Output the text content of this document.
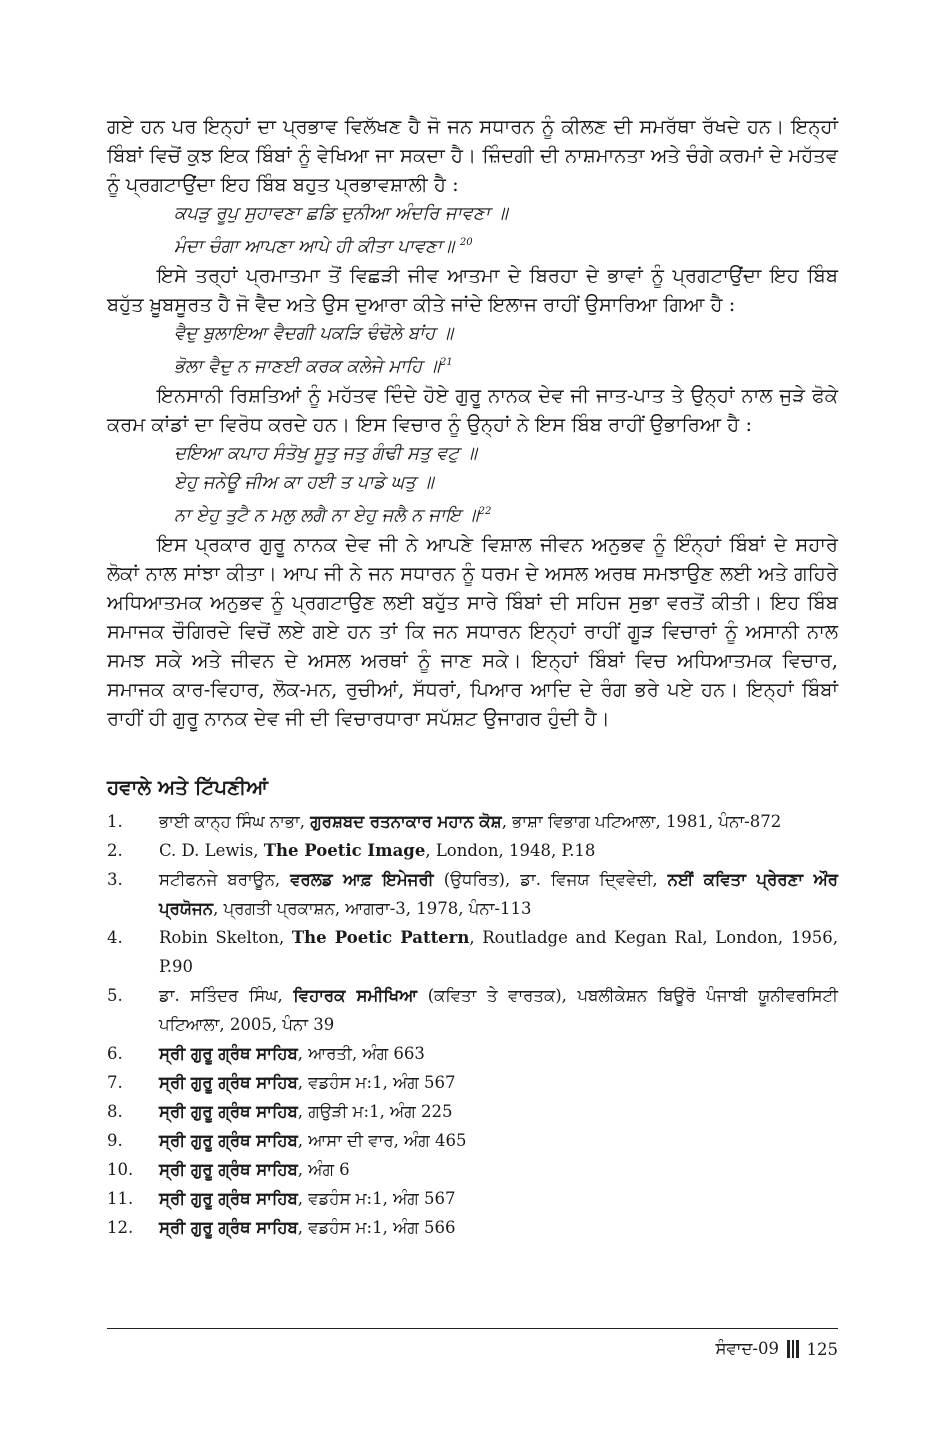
ਗਏ ਹਨ ਪਰ ਇਨ੍ਹਾਂ ਦਾ ਪ੍ਰਭਾਵ ਵਿਲੱਖਣ ਹੈ ਜੋ ਜਨ ਸਧਾਰਨ ਨੂੰ ਕੀਲਣ ਦੀ ਸਮਰੱਥਾ ਰੱਖਦੇ ਹਨ। ਇਨ੍ਹਾਂ ਬਿੰਬਾਂ ਵਿਚੋਂ ਕੁਝ ਇਕ ਬਿੰਬਾਂ ਨੂੰ ਵੇਖਿਆ ਜਾ ਸਕਦਾ ਹੈ। ਜ਼ਿੰਦਗੀ ਦੀ ਨਾਸ਼ਮਾਨਤਾ ਅਤੇ ਚੰਗੇ ਕਰਮਾਂ ਦੇ ਮਹੱਤਵ ਨੂੰ ਪ੍ਰਗਟਾਉਂਦਾ ਇਹ ਬਿੰਬ ਬਹੁਤ ਪ੍ਰਭਾਵਸ਼ਾਲੀ ਹੈ :

ਕਪੜੁ ਰੂਪੁ ਸੁਹਾਵਣਾ ਛਡਿ ਦੁਨੀਆ ਅੰਦਰਿ ਜਾਵਣਾ ॥

ਮੰਦਾ ਚੰਗਾ ਆਪਣਾ ਆਪੇ ਹੀ ਕੀਤਾ ਪਾਵਣਾ॥ $^{20}$

ਇਸੇ ਤਰ੍ਹਾਂ ਪ੍ਰਮਾਤਮਾ ਤੋਂ ਵਿਛੜੀ ਜੀਵ ਆਤਮਾ ਦੇ ਬਿਰਹਾ ਦੇ ਭਾਵਾਂ ਨੂੰ ਪ੍ਰਗਟਾਉਂਦਾ ਇਹ ਬਿੰਬ ਬਹੁੱਤ ਖ਼ੂਬਸੂਰਤ ਹੈ ਜੋ ਵੈਦ ਅਤੇ ਉਸ ਦੁਆਰਾ ਕੀਤੇ ਜਾਂਦੇ ਇਲਾਜ ਰਾਹੀਂ ਉਸਾਰਿਆ ਗਿਆ ਹੈ :

ਵੈਦੁ ਬੁਲਾਇਆ ਵੈਦਗੀ ਪਕੜਿ ਢੰਢੋਲੇ ਬਾਂਹ ॥

ਭੋਲਾ ਵੈਦੁ ਨ ਜਾਣਈ ਕਰਕ ਕਲੇਜੇ ਮਾਹਿ ॥$^{21}$

ਇਨਸਾਨੀ ਰਿਸ਼ਤਿਆਂ ਨੂੰ ਮਹੱਤਵ ਦਿੰਦੇ ਹੋਏ ਗੁਰੂ ਨਾਨਕ ਦੇਵ ਜੀ ਜਾਤ-ਪਾਤ ਤੇ ਉਨ੍ਹਾਂ ਨਾਲ ਜੁੜੇ ਫੋਕੇ ਕਰਮ ਕਾਂਡਾਂ ਦਾ ਵਿਰੋਧ ਕਰਦੇ ਹਨ। ਇਸ ਵਿਚਾਰ ਨੂੰ ਉਨ੍ਹਾਂ ਨੇ ਇਸ ਬਿੰਬ ਰਾਹੀਂ ਉਭਾਰਿਆ ਹੈ :

ਦਇਆ ਕਪਾਹ ਸੰਤੋਖੁ ਸੂਤੁ ਜਤੁ ਗੰਢੀ ਸਤੁ ਵਟੁ ॥

ਏਹੁ ਜਨੇਊ ਜੀਅ ਕਾ ਹਈ ਤ ਪਾਡੇ ਘਤੁ ॥

ਨਾ ਏਹੁ ਤੁਟੈ ਨ ਮਲੁ ਲਗੈ ਨਾ ਏਹੁ ਜਲੈ ਨ ਜਾਇ ॥$^{22}$

ਇਸ ਪ੍ਰਕਾਰ ਗੁਰੂ ਨਾਨਕ ਦੇਵ ਜੀ ਨੇ ਆਪਣੇ ਵਿਸ਼ਾਲ ਜੀਵਨ ਅਨੁਭਵ ਨੂੰ ਇੰਨ੍ਹਾਂ ਬਿੰਬਾਂ ਦੇ ਸਹਾਰੇ ਲੋਕਾਂ ਨਾਲ ਸਾਂਝਾ ਕੀਤਾ। ਆਪ ਜੀ ਨੇ ਜਨ ਸਧਾਰਨ ਨੂੰ ਧਰਮ ਦੇ ਅਸਲ ਅਰਥ ਸਮਝਾਉਣ ਲਈ ਅਤੇ ਗਹਿਰੇ ਅਧਿਆਤਮਕ ਅਨੁਭਵ ਨੂੰ ਪ੍ਰਗਟਾਉਣ ਲਈ ਬਹੁੱਤ ਸਾਰੇ ਬਿੰਬਾਂ ਦੀ ਸਹਿਜ ਸੁਭਾ ਵਰਤੋਂ ਕੀਤੀ। ਇਹ ਬਿੰਬ ਸਮਾਜਕ ਚੌਗਿਰਦੇ ਵਿਚੋਂ ਲਏ ਗਏ ਹਨ ਤਾਂ ਕਿ ਜਨ ਸਧਾਰਨ ਇਨ੍ਹਾਂ ਰਾਹੀਂ ਗੂੜ ਵਿਚਾਰਾਂ ਨੂੰ ਅਸਾਨੀ ਨਾਲ ਸਮਝ ਸਕੇ ਅਤੇ ਜੀਵਨ ਦੇ ਅਸਲ ਅਰਥਾਂ ਨੂੰ ਜਾਣ ਸਕੇ। ਇਨ੍ਹਾਂ ਬਿੰਬਾਂ ਵਿਚ ਅਧਿਆਤਮਕ ਵਿਚਾਰ, ਸਮਾਜਕ ਕਾਰ-ਵਿਹਾਰ, ਲੋਕ-ਮਨ, ਰੁਚੀਆਂ, ਸੱਧਰਾਂ, ਪਿਆਰ ਆਦਿ ਦੇ ਰੰਗ ਭਰੇ ਪਏ ਹਨ। ਇਨ੍ਹਾਂ ਬਿੰਬਾਂ ਰਾਹੀਂ ਹੀ ਗੁਰੂ ਨਾਨਕ ਦੇਵ ਜੀ ਦੀ ਵਿਚਾਰਧਾਰਾ ਸਪੱਸ਼ਟ ਉਜਾਗਰ ਹੁੰਦੀ ਹੈ।

ਹਵਾਲੇ ਅਤੇ ਟਿੱਪਣੀਆਂ
1.	ਭਾਈ ਕਾਨ੍ਹ ਸਿੰਘ ਨਾਭਾ, ਗੁਰਸ਼ਬਦ ਰਤਨਾਕਾਰ ਮਹਾਨ ਕੋਸ਼, ਭਾਸ਼ਾ ਵਿਭਾਗ ਪਟਿਆਲਾ, 1981, ਪੰਨਾ-872
2.	C. D. Lewis, The Poetic Image, London, 1948, P.18
3.	ਸਟੀਫਨਜੇ ਬਰਾਊਨ, ਵਰਲਡ ਆਫ਼ ਇਮੇਜਰੀ (ਉਧਰਿਤ), ਡਾ. ਵਿਜਯ ਦ੍ਵਿਵੇਦੀ, ਨਈਂ ਕਵਿਤਾ ਪ੍ਰੇਰਣਾ ਔਰ ਪ੍ਰਯੋਜਨ, ਪ੍ਰਗਤੀ ਪ੍ਰਕਾਸ਼ਨ, ਆਗਰਾ-3, 1978, ਪੰਨਾ-113
4.	Robin Skelton, The Poetic Pattern, Routladge and Kegan Ral, London, 1956, P.90
5.	ਡਾ. ਸਤਿੰਦਰ ਸਿੰਘ, ਵਿਹਾਰਕ ਸਮੀਖਿਆ (ਕਵਿਤਾ ਤੇ ਵਾਰਤਕ), ਪਬਲੀਕੇਸ਼ਨ ਬਿਊਰੋ ਪੰਜਾਬੀ ਯੂਨੀਵਰਸਿਟੀ ਪਟਿਆਲਾ, 2005, ਪੰਨਾ 39
6.	ਸ੍ਰੀ ਗੁਰੂ ਗ੍ਰੰਥ ਸਾਹਿਬ, ਆਰਤੀ, ਅੰਗ 663
7.	ਸ੍ਰੀ ਗੁਰੂ ਗ੍ਰੰਥ ਸਾਹਿਬ, ਵਡਹੰਸ ਮ:1, ਅੰਗ 567
8.	ਸ੍ਰੀ ਗੁਰੂ ਗ੍ਰੰਥ ਸਾਹਿਬ, ਗਉੜੀ ਮ:1, ਅੰਗ 225
9.	ਸ੍ਰੀ ਗੁਰੂ ਗ੍ਰੰਥ ਸਾਹਿਬ, ਆਸਾ ਦੀ ਵਾਰ, ਅੰਗ 465
10.	ਸ੍ਰੀ ਗੁਰੂ ਗ੍ਰੰਥ ਸਾਹਿਬ, ਅੰਗ 6
11.	ਸ੍ਰੀ ਗੁਰੂ ਗ੍ਰੰਥ ਸਾਹਿਬ, ਵਡਹੰਸ ਮ:1, ਅੰਗ 567
12.	ਸ੍ਰੀ ਗੁਰੂ ਗ੍ਰੰਥ ਸਾਹਿਬ, ਵਡਹੰਸ ਮ:1, ਅੰਗ 566
ਸੰਵਾਦ-09 125
